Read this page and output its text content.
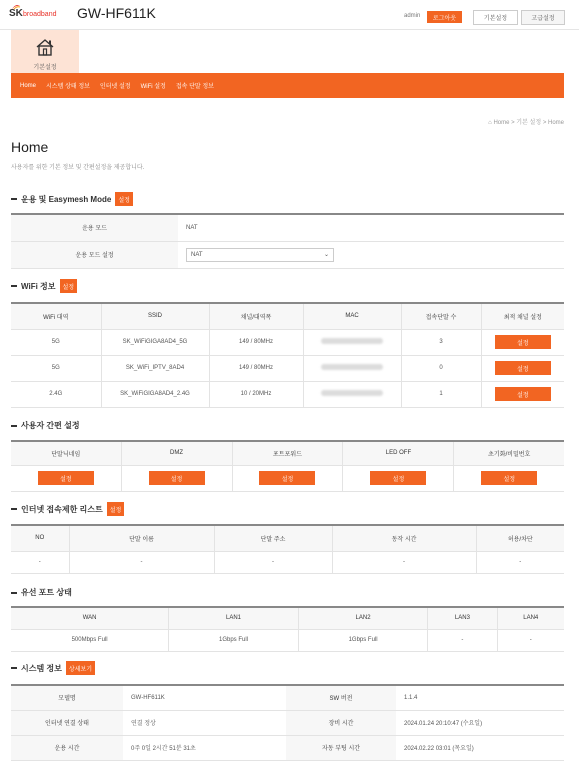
SK broadband GW-HF611K	admin	로그아웃	기본설정	고급설정
기본설정
Home 시스템 상태 정보 인터넷 설정 WiFi 설정 접속 단말 정보
⌂ Home > 기본 설정 > Home
Home
사용자를 위한 기본 정보 및 간편설정을 제공합니다.
운용 및 Easymesh Mode	설정
운용 모드	NAT
운용 모드 설정	NAT ⌄
WiFi 정보	설정
WiFi 대역	SSID	채널/대역폭	MAC	접속단말 수	최적 채널 설정
5G	SK_WiFiGIGA8AD4_5G	149 / 80MHz		3	설정
5G	SK_WiFi_IPTV_8AD4	149 / 80MHz		0	설정
2.4G	SK_WiFiGIGA8AD4_2.4G	10 / 20MHz		1	설정
사용자 간편 설정
단말닉네임	DMZ	포트포워드	LED OFF	초기화/비밀번호
설정	설정	설정	설정	설정
인터넷 접속제한 리스트	설정
NO	단말 이름	단말 주소	동작 시간	허용/차단
-	-	-	-	-
유선 포트 상태
WAN	LAN1	LAN2	LAN3	LAN4
500Mbps Full	1Gbps Full	1Gbps Full	-	-
시스템 정보	상세보기
모델명	GW-HF611K	SW 버전	1.1.4
인터넷 연결 상태	연결 정상	장비 시간	2024.01.24 20:10:47 (수요일)
운용 시간	0주 0일 2시간 51분 31초	자동 부팅 시간	2024.02.22 03:01 (목요일)
